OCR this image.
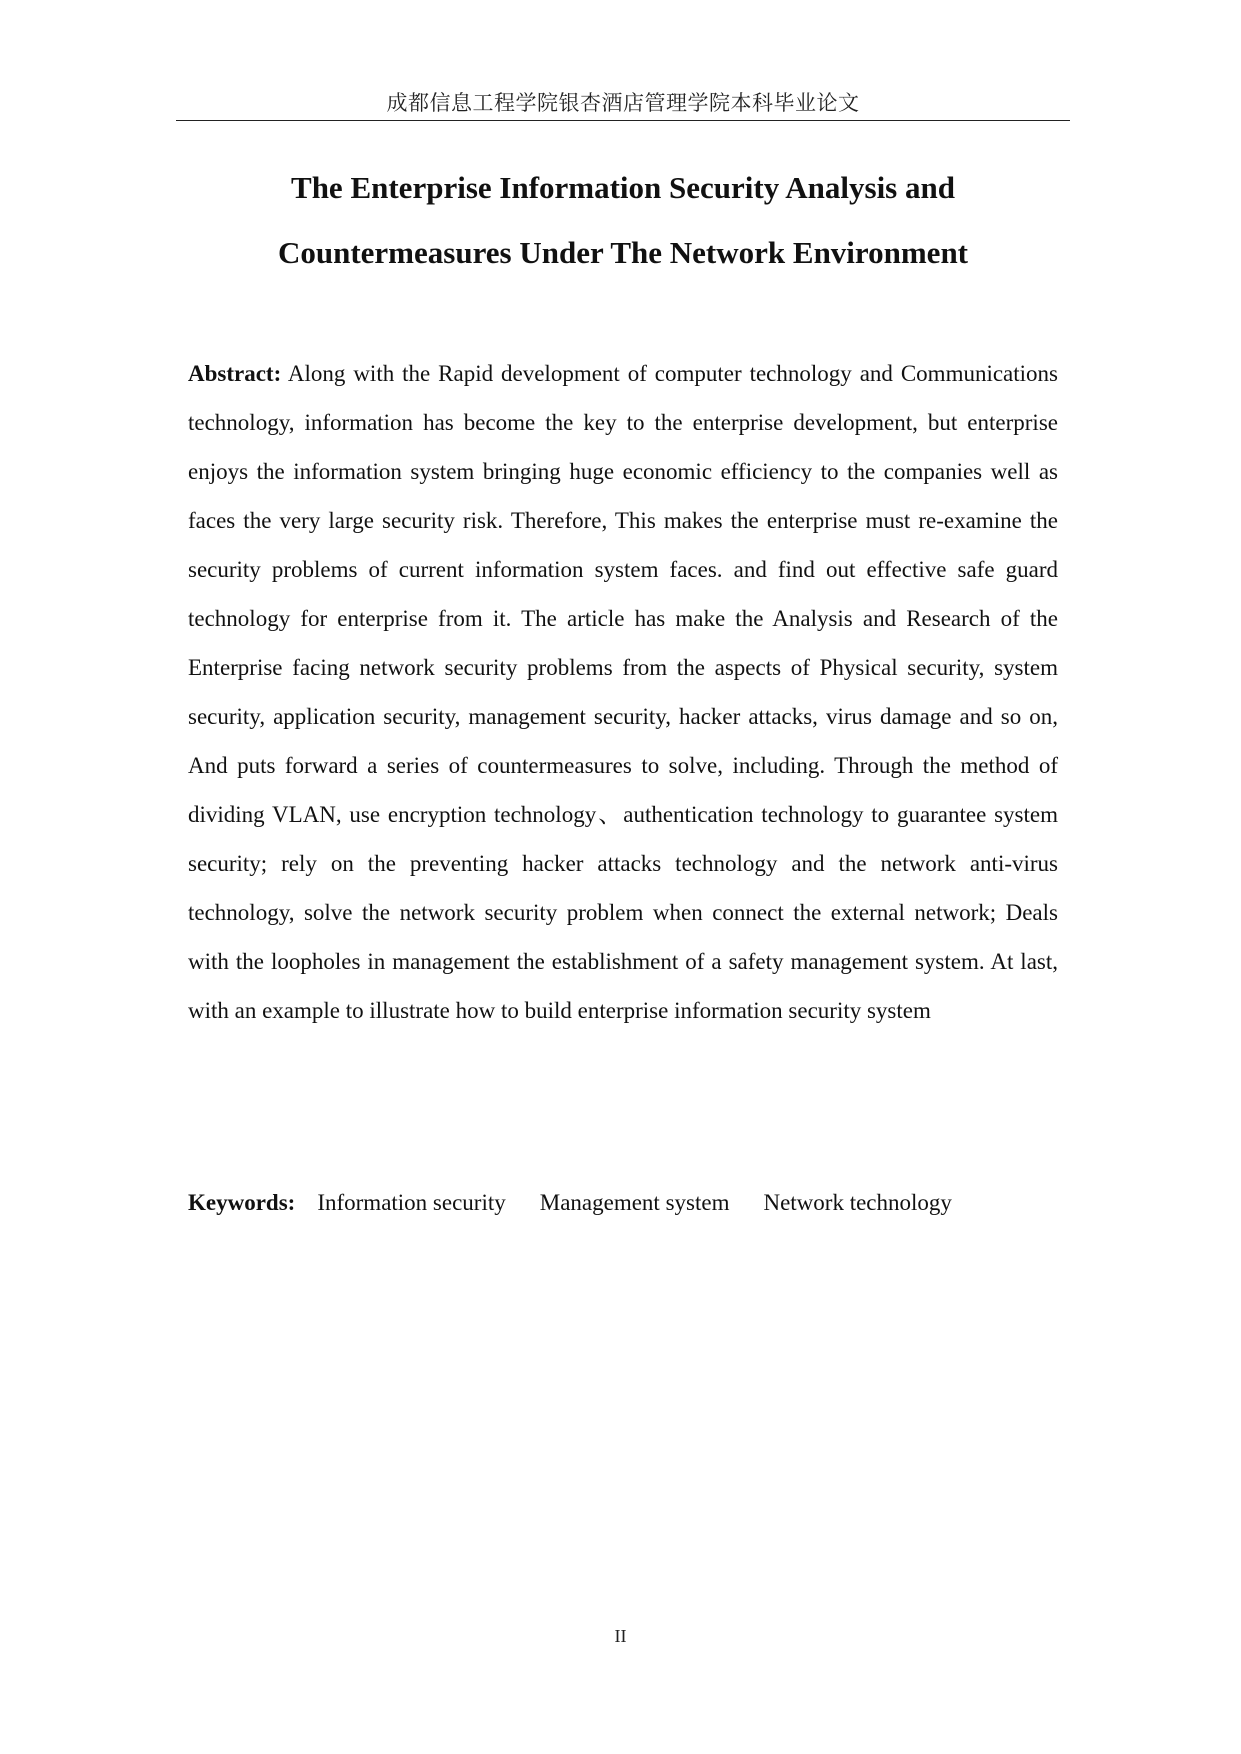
成都信息工程学院银杏酒店管理学院本科毕业论文
The Enterprise Information Security Analysis and
Countermeasures Under The Network Environment

Abstract: Along with the Rapid development of computer technology and Communications technology, information has become the key to the enterprise development, but enterprise enjoys the information system bringing huge economic efficiency to the companies well as faces the very large security risk. Therefore, This makes the enterprise must re-examine the security problems of current information system faces. and find out effective safe guard technology for enterprise from it. The article has make the Analysis and Research of the Enterprise facing network security problems from the aspects of Physical security, system security, application security, management security, hacker attacks, virus damage and so on, And puts forward a series of countermeasures to solve, including. Through the method of dividing VLAN, use encryption technology、authentication technology to guarantee system security; rely on the preventing hacker attacks technology and the network anti-virus technology, solve the network security problem when connect the external network; Deals with the loopholes in management the establishment of a safety management system. At last, with an example to illustrate how to build enterprise information security system

Keywords: Information security Management system Network technology
II
